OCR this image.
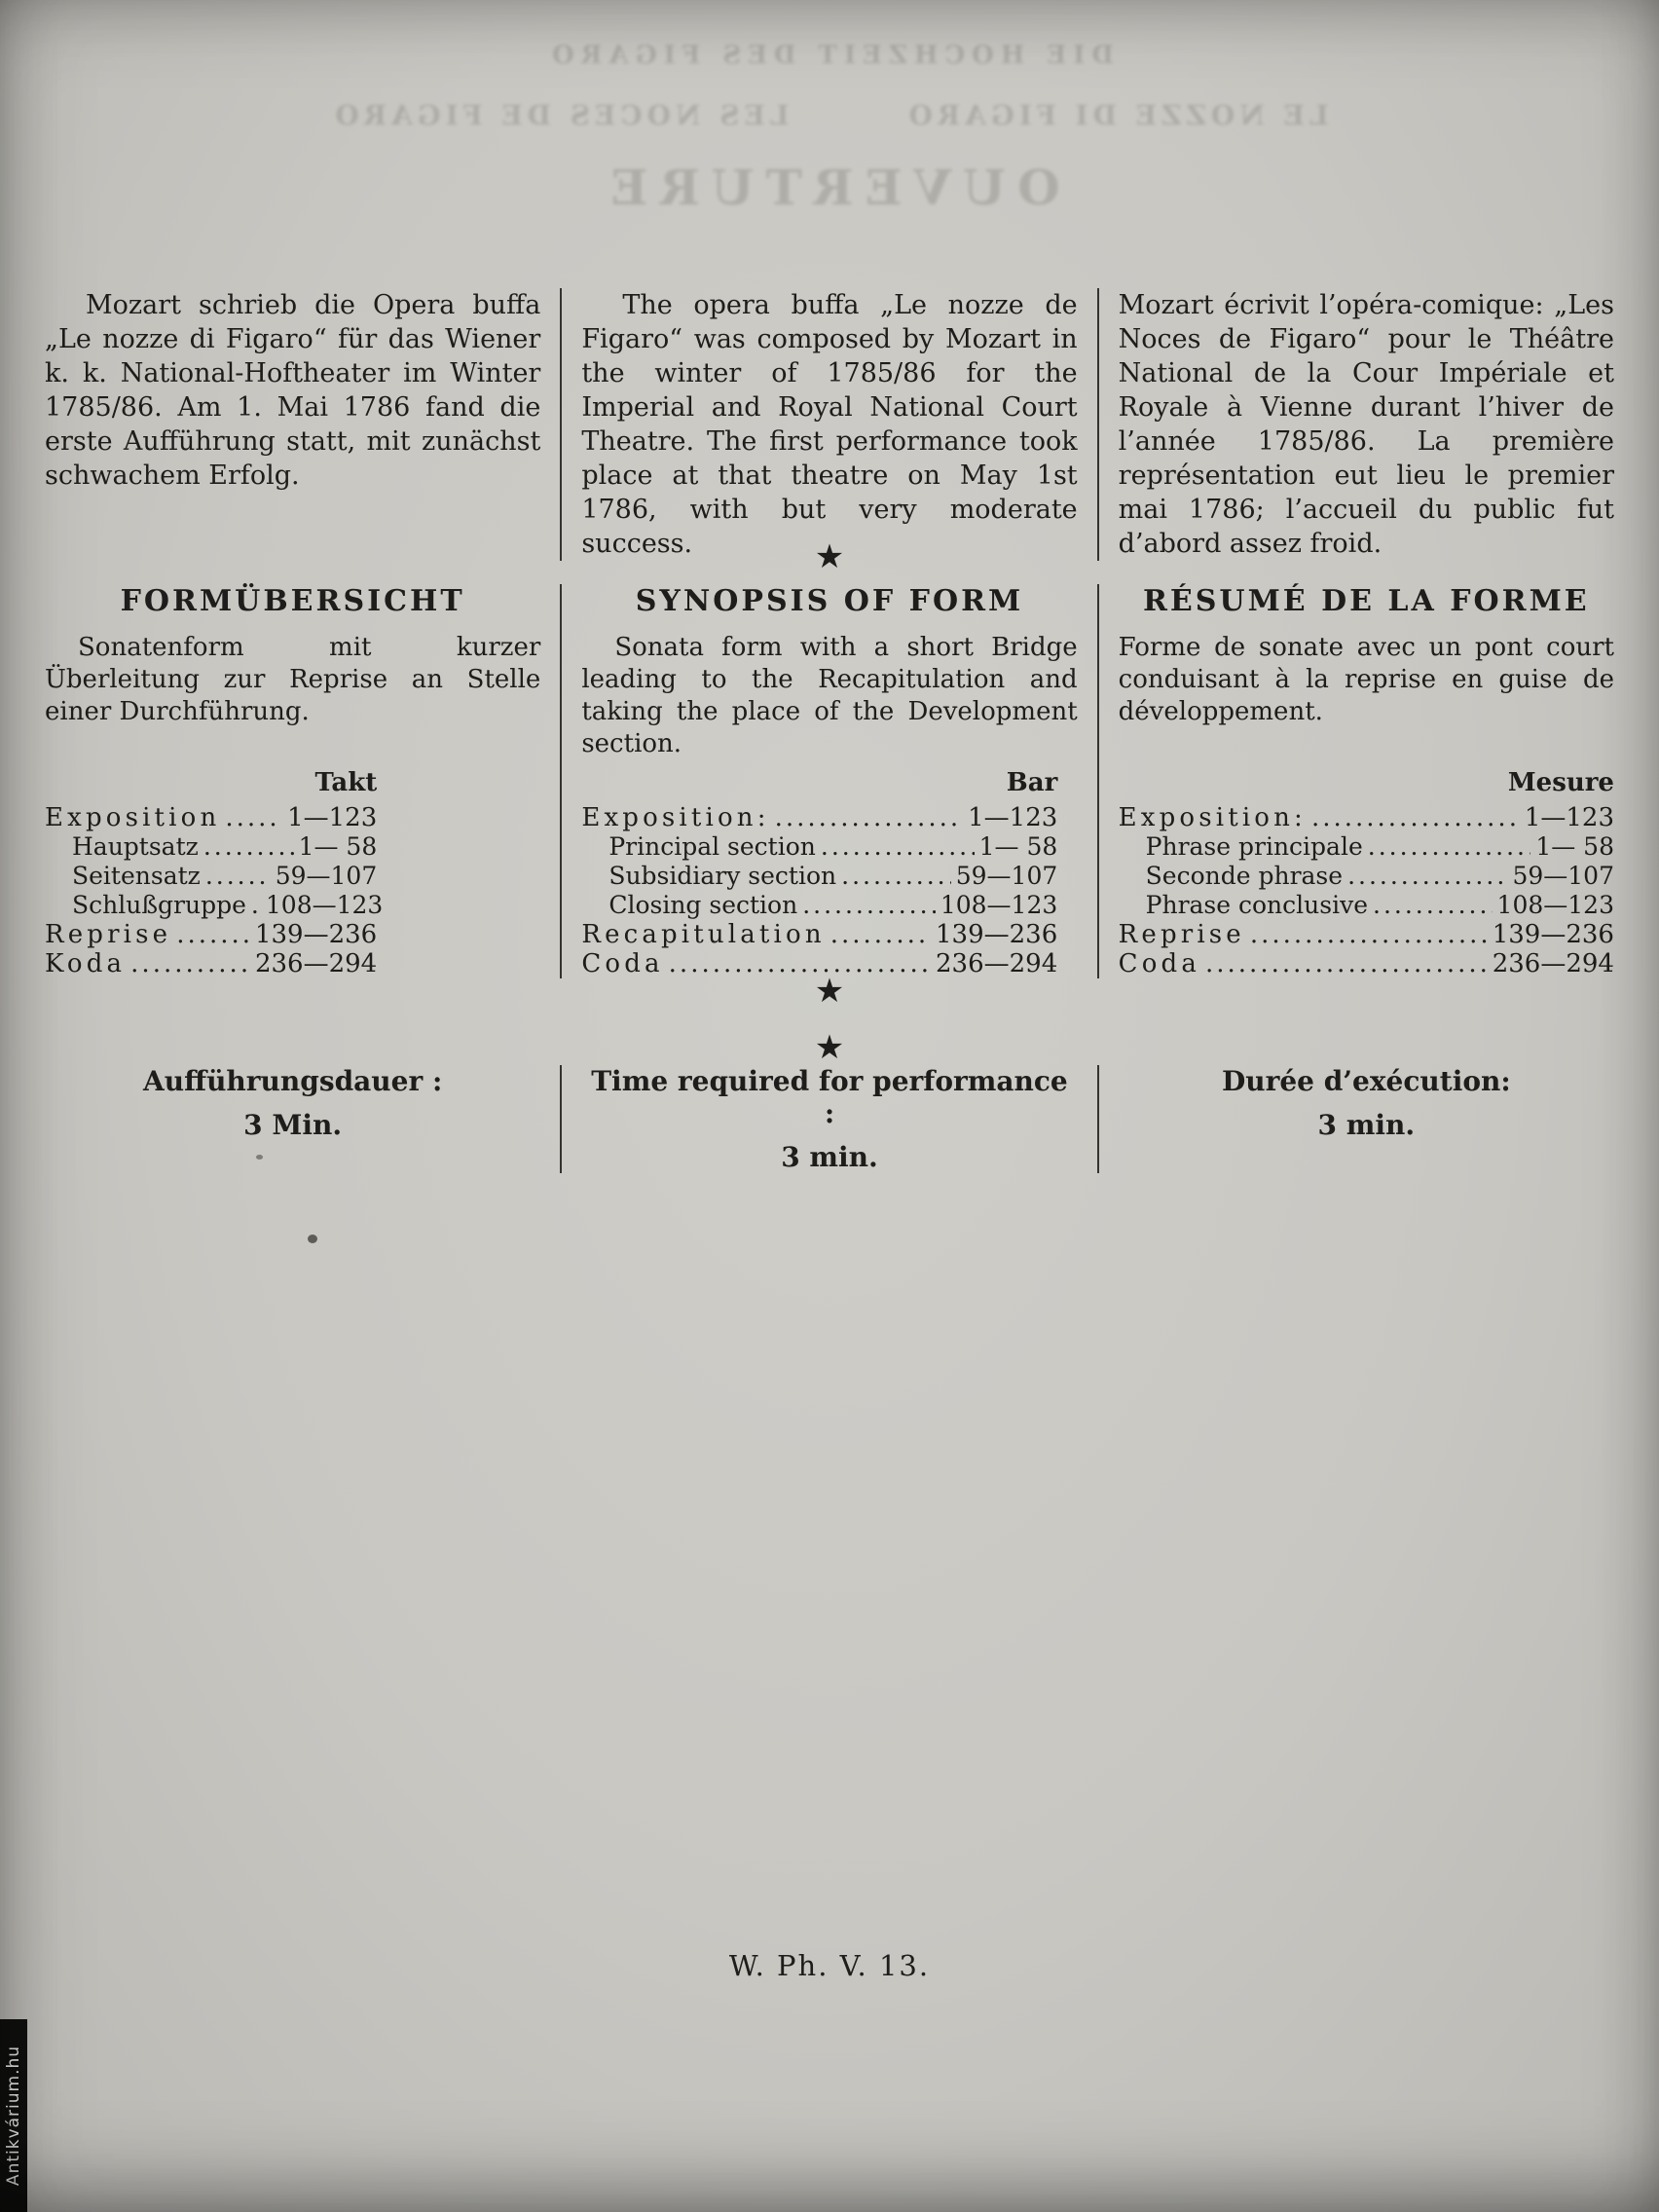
DIE HOCHZEIT DES FIGARO
LE NOZZE DI FIGARO        LES NOCES DE FIGARO
OUVERTURE

Mozart schrieb die Opera buffa „Le nozze di Figaro“ für das Wiener k. k. National-Hoftheater im Winter 1785/86. Am 1. Mai 1786 fand die erste Aufführung statt, mit zunächst schwachem Erfolg.

The opera buffa „Le nozze de Figaro“ was composed by Mozart in the winter of 1785/86 for the Imperial and Royal National Court Theatre. The first performance took place at that theatre on May 1st 1786, with but very moderate success.

Mozart écrivit l’opéra-comique: „Les Noces de Figaro“ pour le Théâtre National de la Cour Impériale et Royale à Vienne durant l’hiver de l’année 1785/86. La première représentation eut lieu le premier mai 1786; l’accueil du public fut d’abord assez froid.

★
FORMÜBERSICHT

Sonatenform mit kurzer Überleitung zur Reprise an Stelle einer Durchführung.

Takt
Exposition .....	1—123
Hauptsatz .....	1— 58
Seitensatz .....	59—107
Schlußgruppe ..... 108—123
Reprise .....	139—236
Koda .....	236—294
SYNOPSIS OF FORM

Sonata form with a short Bridge leading to the Recapitulation and taking the place of the Development section.

Bar
Exposition: .....	1—123
Principal section .....	1— 58
Subsidiary section .....	59—107
Closing section .....	108—123
Recapitulation .....	139—236
Coda .....	236—294
RÉSUMÉ DE LA FORME

Forme de sonate avec un pont court conduisant à la reprise en guise de développement.

Mesure
Exposition: .....	1—123
Phrase principale .....	1— 58
Seconde phrase .....	59—107
Phrase conclusive .....	108—123
Reprise .....	139—236
Coda .....	236—294
★
★
Aufführungsdauer :
3 Min.
Time required for performance :
3 min.
Durée d’exécution:
3 min.
W. Ph. V. 13.
Antikvárium.hu
